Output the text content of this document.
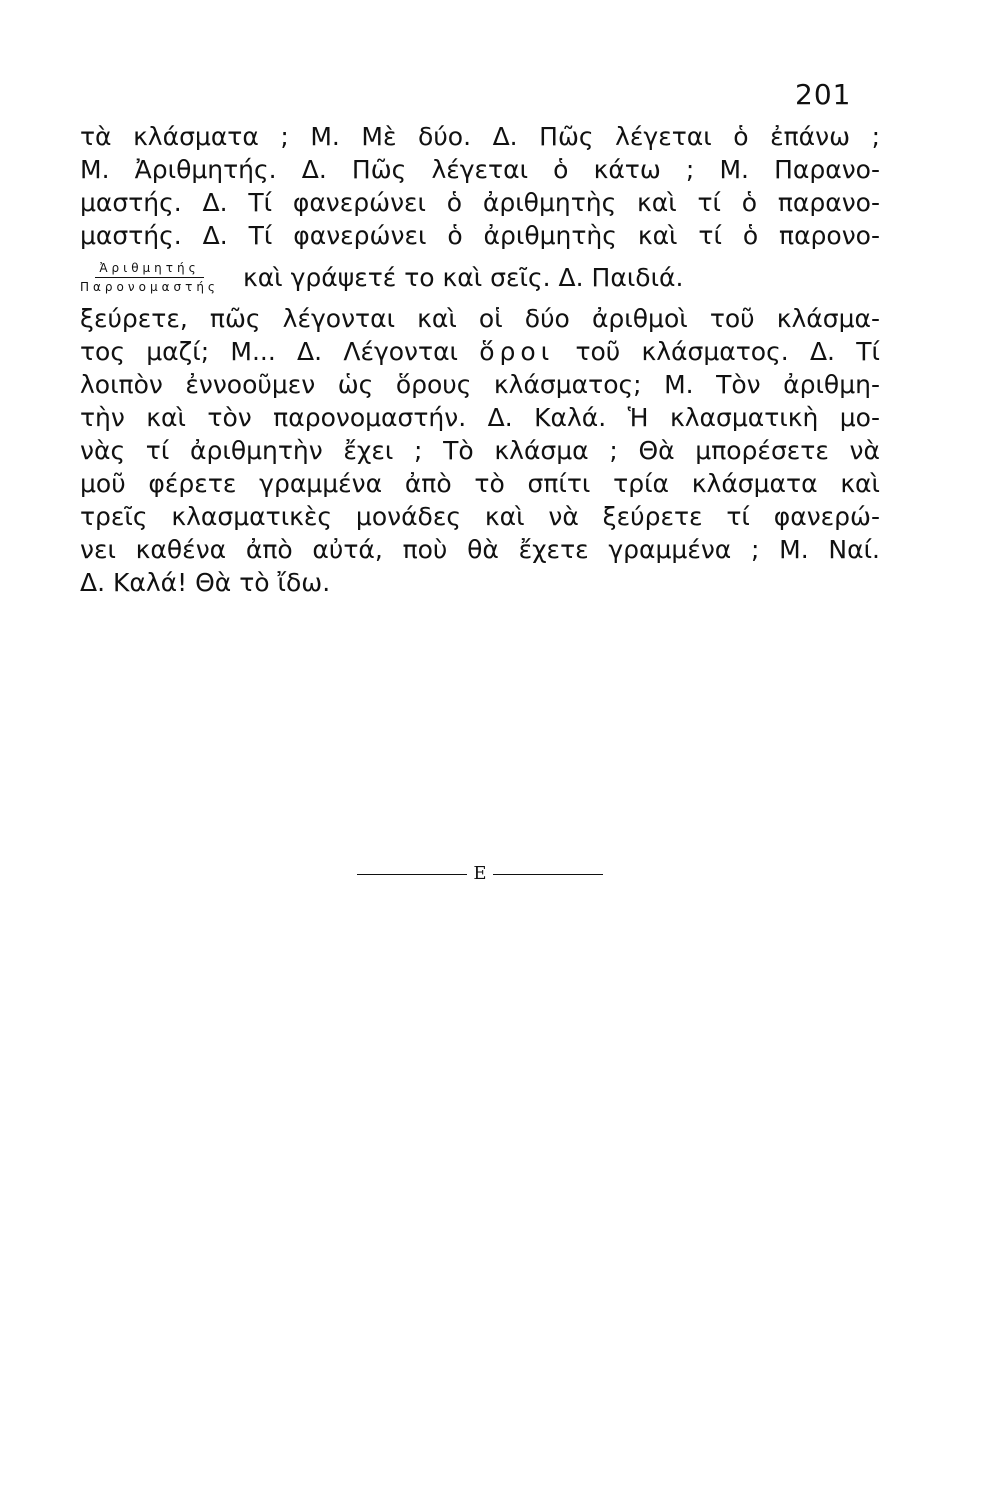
201
τὰ κλάσματα ; Μ. Μὲ δύο. Δ. Πῶς λέγεται ὁ ἐπάνω ;
Μ. Ἀριθμητής. Δ. Πῶς λέγεται ὁ κάτω ; Μ. Παρανο-
μαστής. Δ. Τί φανερώνει ὁ ἀριθμητὴς καὶ τί ὁ παρανο-
μαστής. Δ. Τί φανερώνει ὁ ἀριθμητὴς καὶ τί ὁ παρονο-
$\frac{\text{Ἀριθμητής}}{\text{Παρονομαστής}}$ καὶ γράψετέ το καὶ σεῖς. Δ. Παιδιά.
ξεύρετε, πῶς λέγονται καὶ οἱ δύο ἀριθμοὶ τοῦ κλάσμα-
τος μαζί; Μ... Δ. Λέγονται ὅροι τοῦ κλάσματος. Δ. Τί
λοιπὸν ἐννοοῦμεν ὡς ὅρους κλάσματος; Μ. Τὸν ἀριθμη-
τὴν καὶ τὸν παρονομαστήν. Δ. Καλά. Ἡ κλασματικὴ μο-
νὰς τί ἀριθμητὴν ἔχει ; Τὸ κλάσμα ; Θὰ μπορέσετε νὰ
μοῦ φέρετε γραμμένα ἀπὸ τὸ σπίτι τρία κλάσματα καὶ
τρεῖς κλασματικὲς μονάδες καὶ νὰ ξεύρετε τί φανερώ-
νει καθένα ἀπὸ αὐτά, ποὺ θὰ ἔχετε γραμμένα ; Μ. Ναί.
Δ. Καλά! Θὰ τὸ ἴδω.
Ε
